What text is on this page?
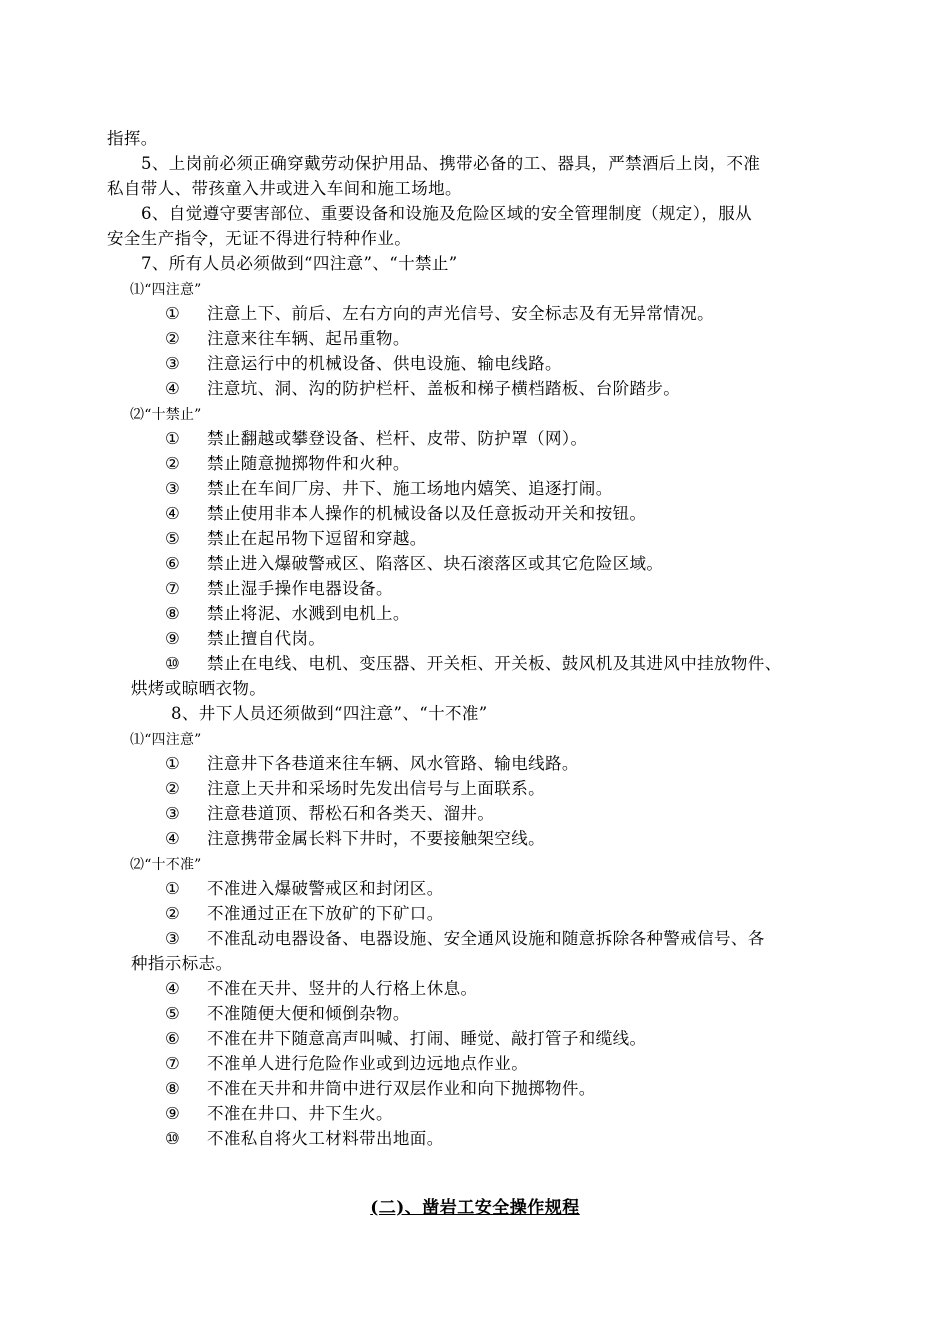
指挥。
5、上岗前必须正确穿戴劳动保护用品、携带必备的工、器具，严禁酒后上岗，不准
私自带人、带孩童入井或进入车间和施工场地。
6、自觉遵守要害部位、重要设备和设施及危险区域的安全管理制度（规定），服从
安全生产指令，无证不得进行特种作业。
7、所有人员必须做到“四注意”、“十禁止”
⑴“四注意”
① 注意上下、前后、左右方向的声光信号、安全标志及有无异常情况。
② 注意来往车辆、起吊重物。
③ 注意运行中的机械设备、供电设施、输电线路。
④ 注意坑、洞、沟的防护栏杆、盖板和梯子横档踏板、台阶踏步。
⑵“十禁止”
① 禁止翻越或攀登设备、栏杆、皮带、防护罩（网）。
② 禁止随意抛掷物件和火种。
③ 禁止在车间厂房、井下、施工场地内嬉笑、追逐打闹。
④ 禁止使用非本人操作的机械设备以及任意扳动开关和按钮。
⑤ 禁止在起吊物下逗留和穿越。
⑥ 禁止进入爆破警戒区、陷落区、块石滚落区或其它危险区域。
⑦ 禁止湿手操作电器设备。
⑧ 禁止将泥、水溅到电机上。
⑨ 禁止擅自代岗。
⑩ 禁止在电线、电机、变压器、开关柜、开关板、鼓风机及其进风中挂放物件、
烘烤或晾晒衣物。
8、井下人员还须做到“四注意”、“十不准”
⑴“四注意”
① 注意井下各巷道来往车辆、风水管路、输电线路。
② 注意上天井和采场时先发出信号与上面联系。
③ 注意巷道顶、帮松石和各类天、溜井。
④ 注意携带金属长料下井时，不要接触架空线。
⑵“十不准”
① 不准进入爆破警戒区和封闭区。
② 不准通过正在下放矿的下矿口。
③ 不准乱动电器设备、电器设施、安全通风设施和随意拆除各种警戒信号、各
种指示标志。
④ 不准在天井、竖井的人行格上休息。
⑤ 不准随便大便和倾倒杂物。
⑥ 不准在井下随意高声叫喊、打闹、睡觉、敲打管子和缆线。
⑦ 不准单人进行危险作业或到边远地点作业。
⑧ 不准在天井和井筒中进行双层作业和向下抛掷物件。
⑨ 不准在井口、井下生火。
⑩ 不准私自将火工材料带出地面。
(二)、凿岩工安全操作规程
